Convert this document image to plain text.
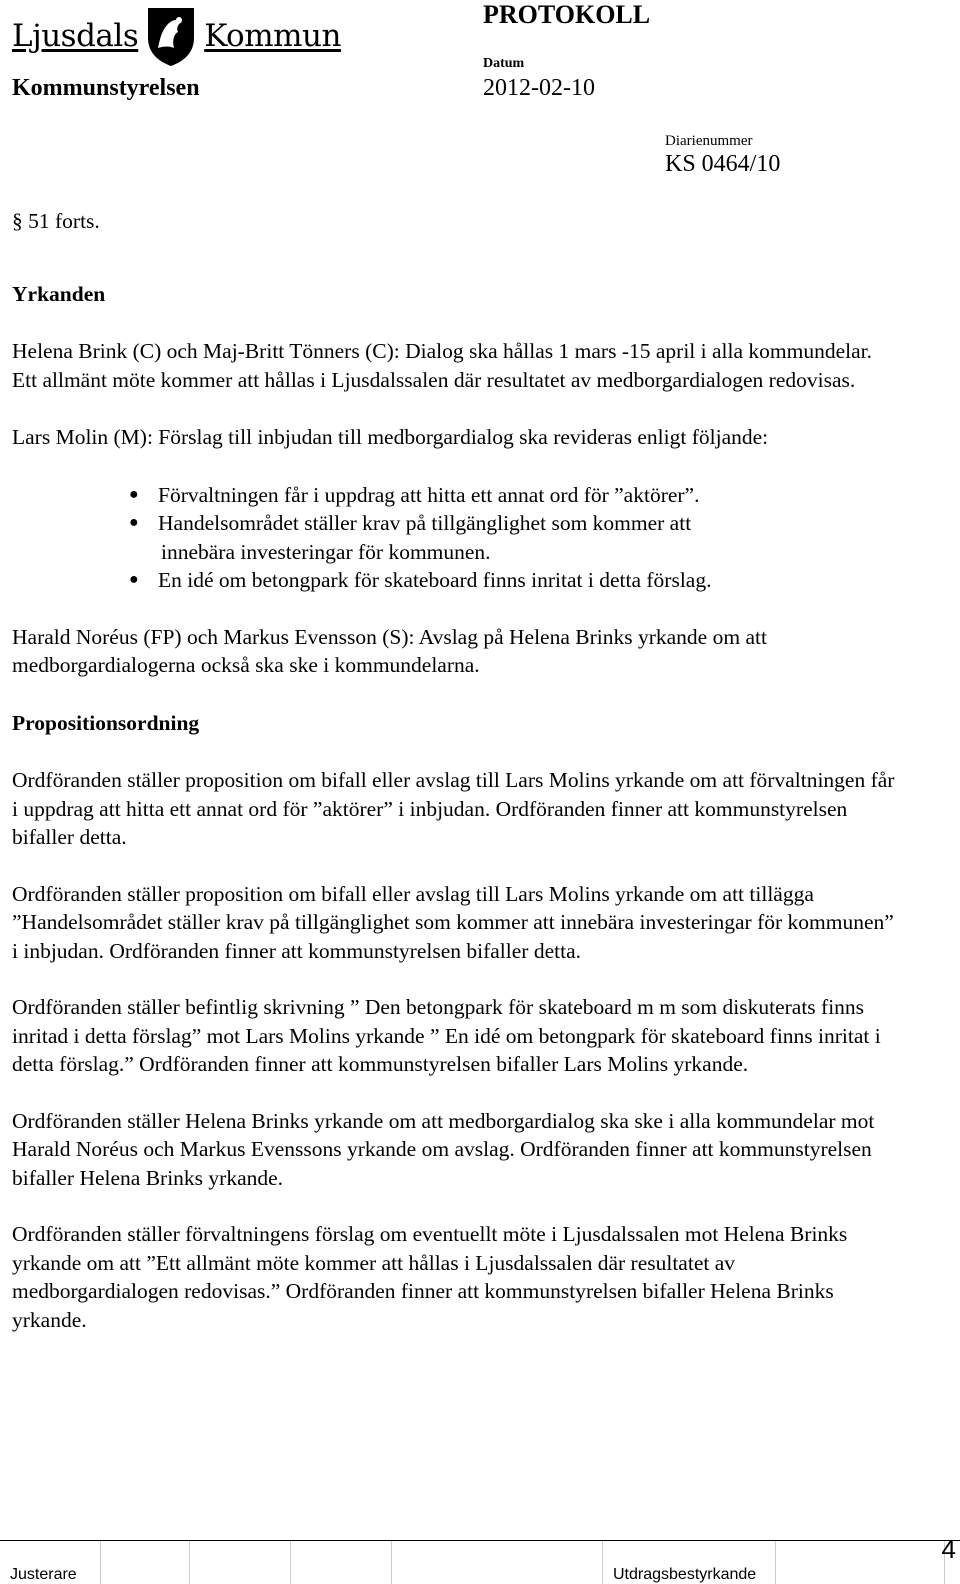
Ljusdals Kommun
PROTOKOLL
Datum
Kommunstyrelsen	2012-02-10
Diarienummer
KS 0464/10

§ 51 forts.

Yrkanden

Helena Brink (C) och Maj-Britt Tönners (C): Dialog ska hållas 1 mars -15 april i alla kommundelar. Ett allmänt möte kommer att hållas i Ljusdalssalen där resultatet av medborgardialogen redovisas.

Lars Molin (M): Förslag till inbjudan till medborgardialog ska revideras enligt följande:

● Förvaltningen får i uppdrag att hitta ett annat ord för ”aktörer”.
● Handelsområdet ställer krav på tillgänglighet som kommer att
innebära investeringar för kommunen.
● En idé om betongpark för skateboard finns inritat i detta förslag.

Harald Noréus (FP) och Markus Evensson (S): Avslag på Helena Brinks yrkande om att medborgardialogerna också ska ske i kommundelarna.

Propositionsordning

Ordföranden ställer proposition om bifall eller avslag till Lars Molins yrkande om att förvaltningen får i uppdrag att hitta ett annat ord för ”aktörer” i inbjudan. Ordföranden finner att kommunstyrelsen bifaller detta.

Ordföranden ställer proposition om bifall eller avslag till Lars Molins yrkande om att tillägga ”Handelsområdet ställer krav på tillgänglighet som kommer att innebära investeringar för kommunen” i inbjudan. Ordföranden finner att kommunstyrelsen bifaller detta.

Ordföranden ställer befintlig skrivning ” Den betongpark för skateboard m m som diskuterats finns inritad i detta förslag” mot Lars Molins yrkande ” En idé om betongpark för skateboard finns inritat i detta förslag.” Ordföranden finner att kommunstyrelsen bifaller Lars Molins yrkande.

Ordföranden ställer Helena Brinks yrkande om att medborgardialog ska ske i alla kommundelar mot Harald Noréus och Markus Evenssons yrkande om avslag. Ordföranden finner att kommunstyrelsen bifaller Helena Brinks yrkande.

Ordföranden ställer förvaltningens förslag om eventuellt möte i Ljusdalssalen mot Helena Brinks yrkande om att ”Ett allmänt möte kommer att hållas i Ljusdalssalen där resultatet av medborgardialogen redovisas.” Ordföranden finner att kommunstyrelsen bifaller Helena Brinks yrkande.

Justerare					Utdragsbestyrkande	
4
